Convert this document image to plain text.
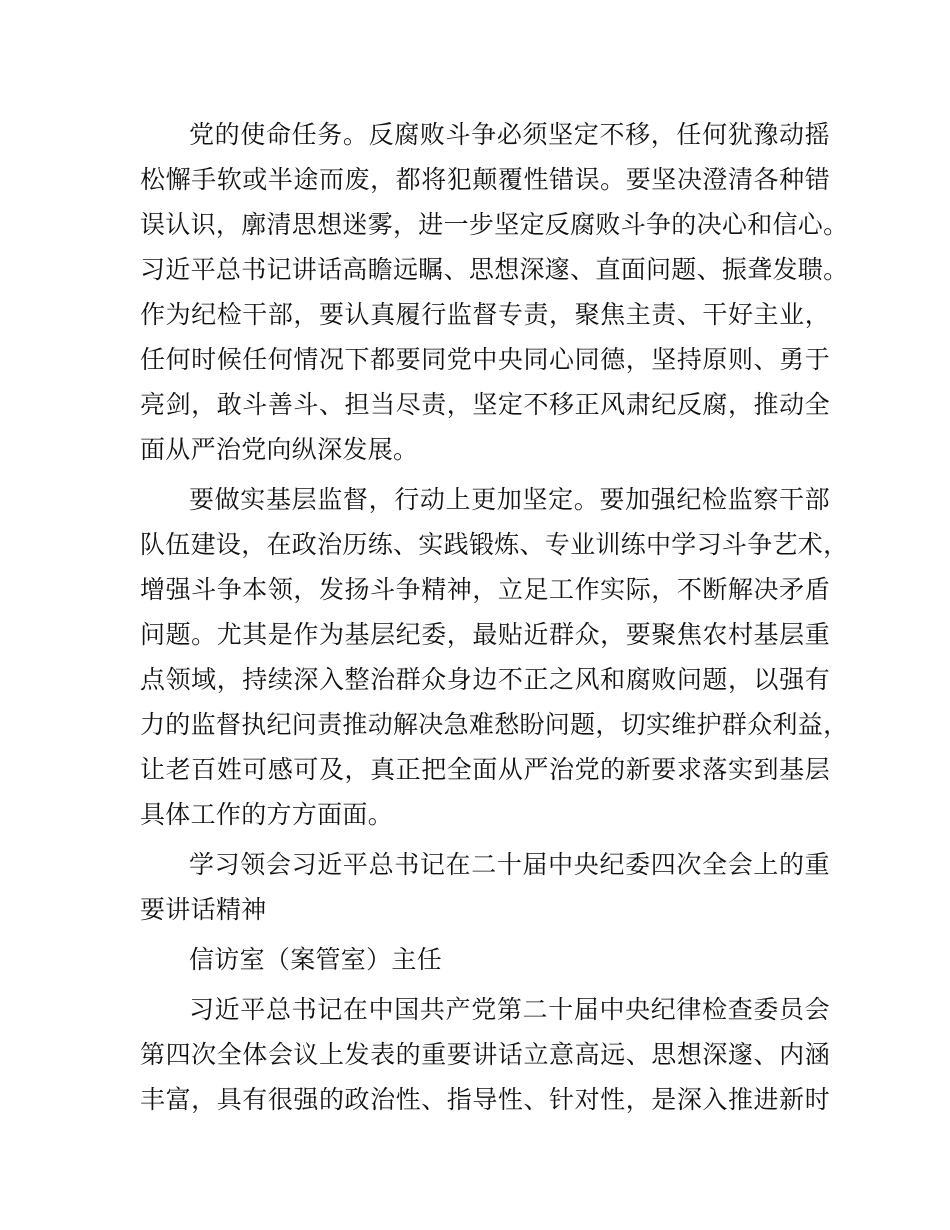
党的使命任务。反腐败斗争必须坚定不移，任何犹豫动摇
松懈手软或半途而废，都将犯颠覆性错误。要坚决澄清各种错
误认识，廓清思想迷雾，进一步坚定反腐败斗争的决心和信心。
习近平总书记讲话高瞻远瞩、思想深邃、直面问题、振聋发聩。
作为纪检干部，要认真履行监督专责，聚焦主责、干好主业，
任何时候任何情况下都要同党中央同心同德，坚持原则、勇于
亮剑，敢斗善斗、担当尽责，坚定不移正风肃纪反腐，推动全
面从严治党向纵深发展。
要做实基层监督，行动上更加坚定。要加强纪检监察干部
队伍建设，在政治历练、实践锻炼、专业训练中学习斗争艺术，
增强斗争本领，发扬斗争精神，立足工作实际，不断解决矛盾
问题。尤其是作为基层纪委，最贴近群众，要聚焦农村基层重
点领域，持续深入整治群众身边不正之风和腐败问题，以强有
力的监督执纪问责推动解决急难愁盼问题，切实维护群众利益，
让老百姓可感可及，真正把全面从严治党的新要求落实到基层
具体工作的方方面面。
学习领会习近平总书记在二十届中央纪委四次全会上的重
要讲话精神
信访室（案管室）主任
习近平总书记在中国共产党第二十届中央纪律检查委员会
第四次全体会议上发表的重要讲话立意高远、思想深邃、内涵
丰富，具有很强的政治性、指导性、针对性，是深入推进新时
